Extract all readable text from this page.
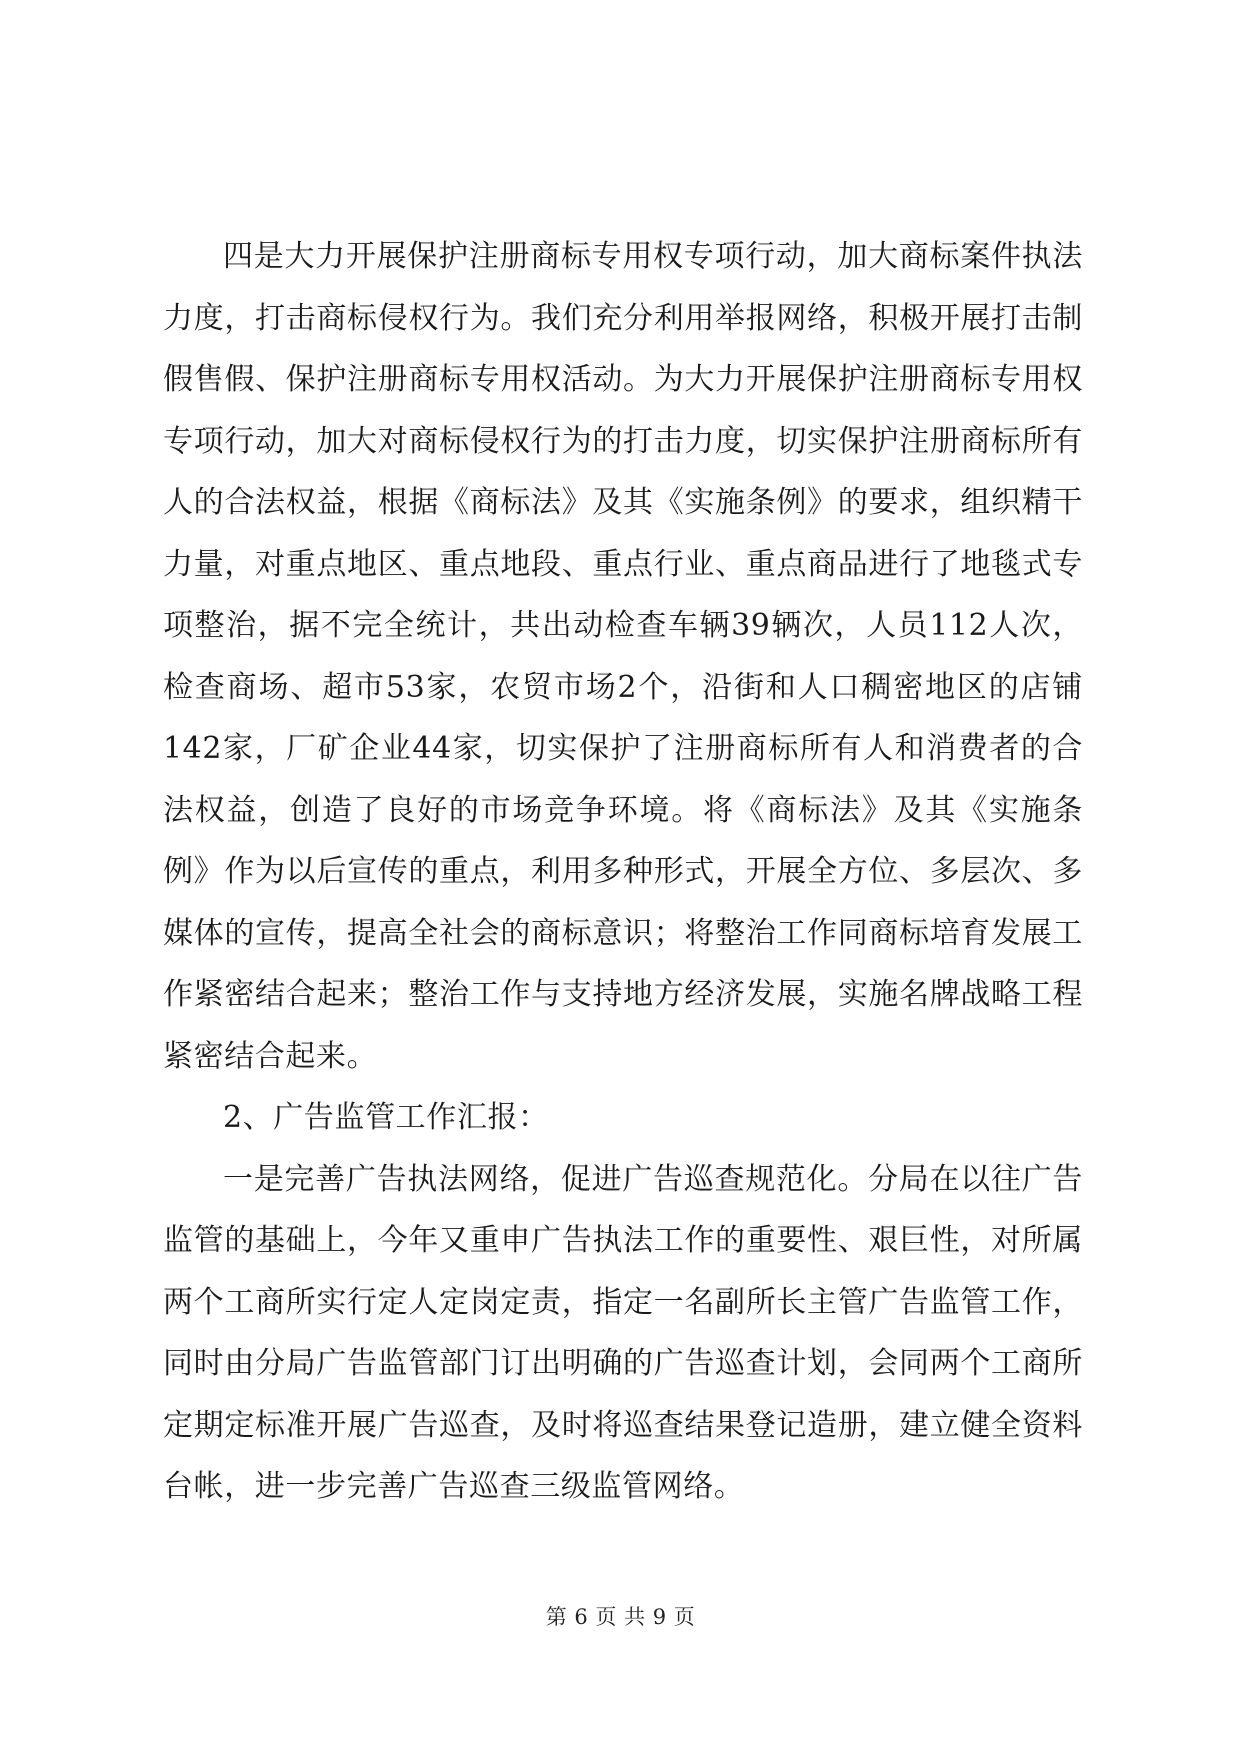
四是大力开展保护注册商标专用权专项行动，加大商标案件执法力度，打击商标侵权行为。我们充分利用举报网络，积极开展打击制假售假、保护注册商标专用权活动。为大力开展保护注册商标专用权专项行动，加大对商标侵权行为的打击力度，切实保护注册商标所有人的合法权益，根据《商标法》及其《实施条例》的要求，组织精干力量，对重点地区、重点地段、重点行业、重点商品进行了地毯式专项整治，据不完全统计，共出动检查车辆39辆次，人员112人次，检查商场、超市53家，农贸市场2个，沿街和人口稠密地区的店铺142家，厂矿企业44家，切实保护了注册商标所有人和消费者的合法权益，创造了良好的市场竞争环境。将《商标法》及其《实施条例》作为以后宣传的重点，利用多种形式，开展全方位、多层次、多媒体的宣传，提高全社会的商标意识；将整治工作同商标培育发展工作紧密结合起来；整治工作与支持地方经济发展，实施名牌战略工程紧密结合起来。

2、广告监管工作汇报：

一是完善广告执法网络，促进广告巡查规范化。分局在以往广告监管的基础上，今年又重申广告执法工作的重要性、艰巨性，对所属两个工商所实行定人定岗定责，指定一名副所长主管广告监管工作，同时由分局广告监管部门订出明确的广告巡查计划，会同两个工商所定期定标准开展广告巡查，及时将巡查结果登记造册，建立健全资料台帐，进一步完善广告巡查三级监管网络。

第 6 页 共 9 页
